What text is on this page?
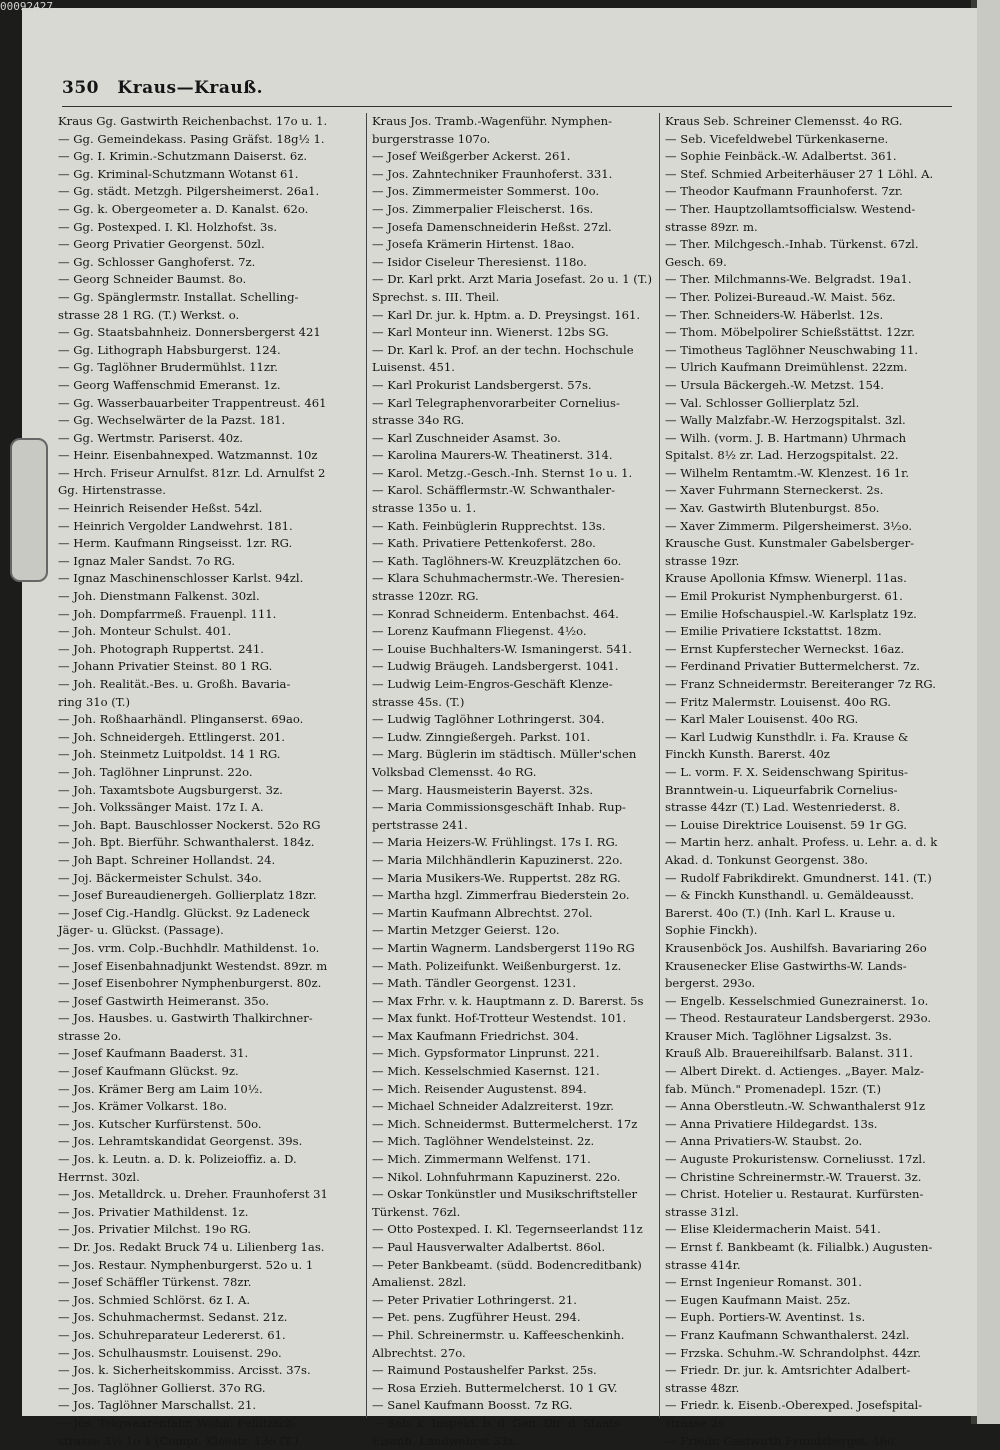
350 Kraus—Krauß.
Kraus Gg. Gastwirth Reichenbachst. 17o u. 1.
— Gg. Gemeindekass. Pasing Gräfst. 18g½ 1.
— Gg. I. Krimin.-Schutzmann Daiserst. 6z.
— Gg. Kriminal-Schutzmann Wotanst 61.
— Gg. städt. Metzgh. Pilgersheimerst. 26a1.
— Gg. k. Obergeometer a. D. Kanalst. 62o.
— Gg. Postexped. I. Kl. Holzhofst. 3s.
— Georg Privatier Georgenst. 50zl.
— Gg. Schlosser Ganghoferst. 7z.
— Georg Schneider Baumst. 8o.
— Gg. Spänglermstr. Installat. Schelling-
strasse 28 1 RG. (T.) Werkst. o.
— Gg. Staatsbahnheiz. Donnersbergerst 421
— Gg. Lithograph Habsburgerst. 124.
— Gg. Taglöhner Brudermühlst. 11zr.
— Georg Waffenschmid Emeranst. 1z.
— Gg. Wasserbauarbeiter Trappentreust. 461
— Gg. Wechselwärter de la Pazst. 181.
— Gg. Wertmstr. Pariserst. 40z.
— Heinr. Eisenbahnexped. Watzmannst. 10z
— Hrch. Friseur Arnulfst. 81zr. Ld. Arnulfst 2
Gg. Hirtenstrasse.
— Heinrich Reisender Heßst. 54zl.
— Heinrich Vergolder Landwehrst. 181.
— Herm. Kaufmann Ringseisst. 1zr. RG.
— Ignaz Maler Sandst. 7o RG.
— Ignaz Maschinenschlosser Karlst. 94zl.
— Joh. Dienstmann Falkenst. 30zl.
— Joh. Dompfarrmeß. Frauenpl. 111.
— Joh. Monteur Schulst. 401.
— Joh. Photograph Ruppertst. 241.
— Johann Privatier Steinst. 80 1 RG.
— Joh. Realität.-Bes. u. Großh. Bavaria-
ring 31o (T.)
— Joh. Roßhaarhändl. Plinganserst. 69ao.
— Joh. Schneidergeh. Ettlingerst. 201.
— Joh. Steinmetz Luitpoldst. 14 1 RG.
— Joh. Taglöhner Linprunst. 22o.
— Joh. Taxamtsbote Augsburgerst. 3z.
— Joh. Volkssänger Maist. 17z I. A.
— Joh. Bapt. Bauschlosser Nockerst. 52o RG
— Joh. Bpt. Bierführ. Schwanthalerst. 184z.
— Joh Bapt. Schreiner Hollandst. 24.
— Joj. Bäckermeister Schulst. 34o.
— Josef Bureaudienergeh. Gollierplatz 18zr.
— Josef Cig.-Handlg. Glückst. 9z Ladeneck
Jäger- u. Glückst. (Passage).
— Jos. vrm. Colp.-Buchhdlr. Mathildenst. 1o.
— Josef Eisenbahnadjunkt Westendst. 89zr. m
— Josef Eisenbohrer Nymphenburgerst. 80z.
— Josef Gastwirth Heimeranst. 35o.
— Jos. Hausbes. u. Gastwirth Thalkirchner-
strasse 2o.
— Josef Kaufmann Baaderst. 31.
— Josef Kaufmann Glückst. 9z.
— Jos. Krämer Berg am Laim 10½.
— Jos. Krämer Volkarst. 18o.
— Jos. Kutscher Kurfürstenst. 50o.
— Jos. Lehramtskandidat Georgenst. 39s.
— Jos. k. Leutn. a. D. k. Polizeioffiz. a. D.
Herrnst. 30zl.
— Jos. Metalldrck. u. Dreher. Fraunhoferst 31
— Jos. Privatier Mathildenst. 1z.
— Jos. Privatier Milchst. 19o RG.
— Dr. Jos. Redakt Bruck 74 u. Lilienberg 1as.
— Jos. Restaur. Nymphenburgerst. 52o u. 1
— Josef Schäffler Türkenst. 78zr.
— Jos. Schmied Schlörst. 6z I. A.
— Jos. Schuhmachermst. Sedanst. 21z.
— Jos. Schuhreparateur Ledererst. 61.
— Jos. Schulhausmstr. Louisenst. 29o.
— Jos. k. Sicherheitskommiss. Arcisst. 37s.
— Jos. Taglöhner Gollierst. 37o RG.
— Jos. Taglöhner Marschallst. 21.
— Jos. Teigwaarenfabr. Wohn. Feilitzsch-
strasse 3½ 1o 1 (Compt. Kleestr. 13o (T.)
Kraus Jos. Tramb.-Wagenführ. Nymphen-
burgerstrasse 107o.
— Josef Weißgerber Ackerst. 261.
— Jos. Zahntechniker Fraunhoferst. 331.
— Jos. Zimmermeister Sommerst. 10o.
— Jos. Zimmerpalier Fleischerst. 16s.
— Josefa Damenschneiderin Heßst. 27zl.
— Josefa Krämerin Hirtenst. 18ao.
— Isidor Ciseleur Theresienst. 118o.
— Dr. Karl prkt. Arzt Maria Josefast. 2o u. 1 (T.)
Sprechst. s. III. Theil.
— Karl Dr. jur. k. Hptm. a. D. Preysingst. 161.
— Karl Monteur inn. Wienerst. 12bs SG.
— Dr. Karl k. Prof. an der techn. Hochschule
Luisenst. 451.
— Karl Prokurist Landsbergerst. 57s.
— Karl Telegraphenvorarbeiter Cornelius-
strasse 34o RG.
— Karl Zuschneider Asamst. 3o.
— Karolina Maurers-W. Theatinerst. 314.
— Karol. Metzg.-Gesch.-Inh. Sternst 1o u. 1.
— Karol. Schäfflermstr.-W. Schwanthaler-
strasse 135o u. 1.
— Kath. Feinbüglerin Rupprechtst. 13s.
— Kath. Privatiere Pettenkoferst. 28o.
— Kath. Taglöhners-W. Kreuzplätzchen 6o.
— Klara Schuhmachermstr.-We. Theresien-
strasse 120zr. RG.
— Konrad Schneiderm. Entenbachst. 464.
— Lorenz Kaufmann Fliegenst. 4½o.
— Louise Buchhalters-W. Ismaningerst. 541.
— Ludwig Bräugeh. Landsbergerst. 1041.
— Ludwig Leim-Engros-Geschäft Klenze-
strasse 45s. (T.)
— Ludwig Taglöhner Lothringerst. 304.
— Ludw. Zinngießergeh. Parkst. 101.
— Marg. Büglerin im städtisch. Müller'schen
Volksbad Clemensst. 4o RG.
— Marg. Hausmeisterin Bayerst. 32s.
— Maria Commissionsgeschäft Inhab. Rup-
pertstrasse 241.
— Maria Heizers-W. Frühlingst. 17s I. RG.
— Maria Milchhändlerin Kapuzinerst. 22o.
— Maria Musikers-We. Ruppertst. 28z RG.
— Martha hzgl. Zimmerfrau Biederstein 2o.
— Martin Kaufmann Albrechtst. 27ol.
— Martin Metzger Geierst. 12o.
— Martin Wagnerm. Landsbergerst 119o RG
— Math. Polizeifunkt. Weißenburgerst. 1z.
— Math. Tändler Georgenst. 1231.
— Max Frhr. v. k. Hauptmann z. D. Barerst. 5s
— Max funkt. Hof-Trotteur Westendst. 101.
— Max Kaufmann Friedrichst. 304.
— Mich. Gypsformator Linprunst. 221.
— Mich. Kesselschmied Kasernst. 121.
— Mich. Reisender Augustenst. 894.
— Michael Schneider Adalzreiterst. 19zr.
— Mich. Schneidermst. Buttermelcherst. 17z
— Mich. Taglöhner Wendelsteinst. 2z.
— Mich. Zimmermann Welfenst. 171.
— Nikol. Lohnfuhrmann Kapuzinerst. 22o.
— Oskar Tonkünstler und Musikschriftsteller
Türkenst. 76zl.
— Otto Postexped. I. Kl. Tegernseerlandst 11z
— Paul Hausverwalter Adalbertst. 86ol.
— Peter Bankbeamt. (südd. Bodencreditbank)
Amalienst. 28zl.
— Peter Privatier Lothringerst. 21.
— Pet. pens. Zugführer Heust. 294.
— Phil. Schreinermstr. u. Kaffeeschenkinh.
Albrechtst. 27o.
— Raimund Postaushelfer Parkst. 25s.
— Rosa Erzieh. Buttermelcherst. 10 1 GV.
— Sanel Kaufmann Boosst. 7z RG.
— Seb. k. Inspekt. b. d. Gen.-Dir. d. Staats-
Eisenb. Landwehrst 33z.
Kraus Seb. Schreiner Clemensst. 4o RG.
— Seb. Vicefeldwebel Türkenkaserne.
— Sophie Feinbäck.-W. Adalbertst. 361.
— Stef. Schmied Arbeiterhäuser 27 1 Löhl. A.
— Theodor Kaufmann Fraunhoferst. 7zr.
— Ther. Hauptzollamtsofficialsw. Westend-
strasse 89zr. m.
— Ther. Milchgesch.-Inhab. Türkenst. 67zl.
Gesch. 69.
— Ther. Milchmanns-We. Belgradst. 19a1.
— Ther. Polizei-Bureaud.-W. Maist. 56z.
— Ther. Schneiders-W. Häberlst. 12s.
— Thom. Möbelpolirer Schießstättst. 12zr.
— Timotheus Taglöhner Neuschwabing 11.
— Ulrich Kaufmann Dreimühlenst. 22zm.
— Ursula Bäckergeh.-W. Metzst. 154.
— Val. Schlosser Gollierplatz 5zl.
— Wally Malzfabr.-W. Herzogspitalst. 3zl.
— Wilh. (vorm. J. B. Hartmann) Uhrmach
Spitalst. 8½ zr. Lad. Herzogspitalst. 22.
— Wilhelm Rentamtm.-W. Klenzest. 16 1r.
— Xaver Fuhrmann Sterneckerst. 2s.
— Xav. Gastwirth Blutenburgst. 85o.
— Xaver Zimmerm. Pilgersheimerst. 3½o.
Krausche Gust. Kunstmaler Gabelsberger-
strasse 19zr.
Krause Apollonia Kfmsw. Wienerpl. 11as.
— Emil Prokurist Nymphenburgerst. 61.
— Emilie Hofschauspiel.-W. Karlsplatz 19z.
— Emilie Privatiere Ickstattst. 18zm.
— Ernst Kupferstecher Werneckst. 16az.
— Ferdinand Privatier Buttermelcherst. 7z.
— Franz Schneidermstr. Bereiteranger 7z RG.
— Fritz Malermstr. Louisenst. 40o RG.
— Karl Maler Louisenst. 40o RG.
— Karl Ludwig Kunsthdlr. i. Fa. Krause &
Finckh Kunsth. Barerst. 40z
— L. vorm. F. X. Seidenschwang Spiritus-
Branntwein-u. Liqueurfabrik Cornelius-
strasse 44zr (T.) Lad. Westenriederst. 8.
— Louise Direktrice Louisenst. 59 1r GG.
— Martin herz. anhalt. Profess. u. Lehr. a. d. k
Akad. d. Tonkunst Georgenst. 38o.
— Rudolf Fabrikdirekt. Gmundnerst. 141. (T.)
— & Finckh Kunsthandl. u. Gemäldeausst.
Barerst. 40o (T.) (Inh. Karl L. Krause u.
Sophie Finckh).
Krausenböck Jos. Aushilfsh. Bavariaring 26o
Krausenecker Elise Gastwirths-W. Lands-
bergerst. 293o.
— Engelb. Kesselschmied Gunezrainerst. 1o.
— Theod. Restaurateur Landsbergerst. 293o.
Krauser Mich. Taglöhner Ligsalzst. 3s.
Krauß Alb. Brauereihilfsarb. Balanst. 311.
— Albert Direkt. d. Actienges. „Bayer. Malz-
fab. Münch." Promenadepl. 15zr. (T.)
— Anna Oberstleutn.-W. Schwanthalerst 91z
— Anna Privatiere Hildegardst. 13s.
— Anna Privatiers-W. Staubst. 2o.
— Auguste Prokuristensw. Corneliusst. 17zl.
— Christine Schreinermstr.-W. Trauerst. 3z.
— Christ. Hotelier u. Restaurat. Kurfürsten-
strasse 31zl.
— Elise Kleidermacherin Maist. 541.
— Ernst f. Bankbeamt (k. Filialbk.) Augusten-
strasse 414r.
— Ernst Ingenieur Romanst. 301.
— Eugen Kaufmann Maist. 25z.
— Euph. Portiers-W. Aventinst. 1s.
— Franz Kaufmann Schwanthalerst. 24zl.
— Frzska. Schuhm.-W. Schrandolphst. 44zr.
— Friedr. Dr. jur. k. Amtsrichter Adalbert-
strasse 48zr.
— Friedr. k. Eisenb.-Oberexped. Josefspital-
strasse 2s.
— Friedr. Gastwirth Frundsbergst. 46o.
00092427
